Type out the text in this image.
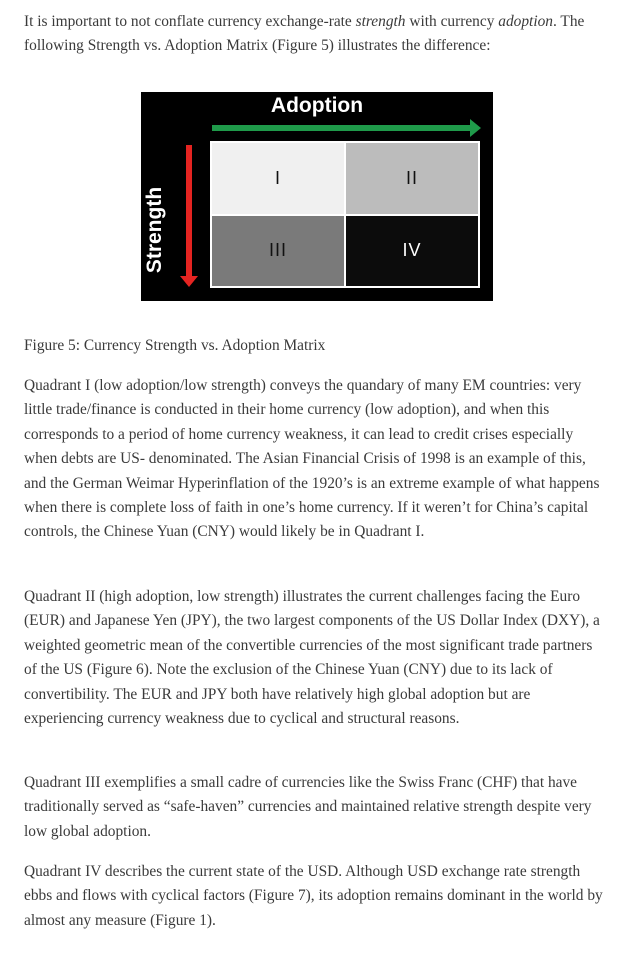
It is important to not conflate currency exchange-rate strength with currency adoption. The following Strength vs. Adoption Matrix (Figure 5) illustrates the difference:

Adoption
Strength
I	II
III	IV

Figure 5: Currency Strength vs. Adoption Matrix

Quadrant I (low adoption/low strength) conveys the quandary of many EM countries: very little trade/finance is conducted in their home currency (low adoption), and when this corresponds to a period of home currency weakness, it can lead to credit crises especially when debts are US- denominated. The Asian Financial Crisis of 1998 is an example of this, and the German Weimar Hyperinflation of the 1920’s is an extreme example of what happens when there is complete loss of faith in one’s home currency. If it weren’t for China’s capital controls, the Chinese Yuan (CNY) would likely be in Quadrant I.

Quadrant II (high adoption, low strength) illustrates the current challenges facing the Euro (EUR) and Japanese Yen (JPY), the two largest components of the US Dollar Index (DXY), a weighted geometric mean of the convertible currencies of the most significant trade partners of the US (Figure 6). Note the exclusion of the Chinese Yuan (CNY) due to its lack of convertibility. The EUR and JPY both have relatively high global adoption but are experiencing currency weakness due to cyclical and structural reasons.

Quadrant III exemplifies a small cadre of currencies like the Swiss Franc (CHF) that have traditionally served as “safe-haven” currencies and maintained relative strength despite very low global adoption.

Quadrant IV describes the current state of the USD. Although USD exchange rate strength ebbs and flows with cyclical factors (Figure 7), its adoption remains dominant in the world by almost any measure (Figure 1).
